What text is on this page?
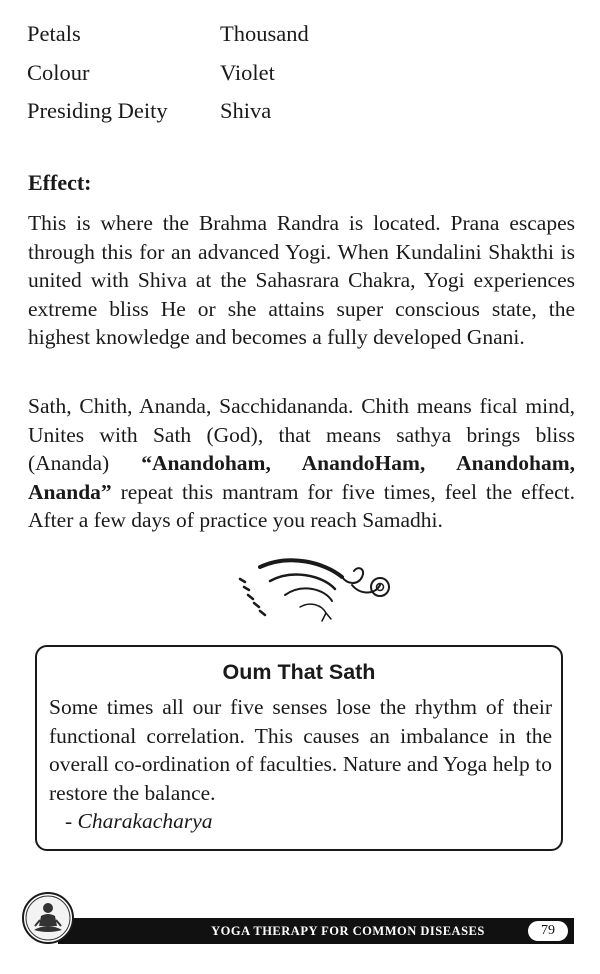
Petals	Thousand
Colour	Violet
Presiding Deity	Shiva
Effect:

This is where the Brahma Randra is located. Prana escapes through this for an advanced Yogi. When Kundalini Shakthi is united with Shiva at the Sahasrara Chakra, Yogi experiences extreme bliss He or she attains super conscious state, the highest knowledge and becomes a fully developed Gnani.

Sath, Chith, Ananda, Sacchidananda. Chith means fical mind, Unites with Sath (God), that means sathya brings bliss (Ananda) “Anandoham, AnandoHam, Anandoham, Ananda” repeat this mantram for five times, feel the effect. After a few days of practice you reach Samadhi.

Oum That Sath

Some times all our five senses lose the rhythm of their functional correlation. This causes an imbalance in the overall co-ordination of faculties. Nature and Yoga help to restore the balance.

- Charakacharya

YOGA THERAPY FOR COMMON DISEASES	79
